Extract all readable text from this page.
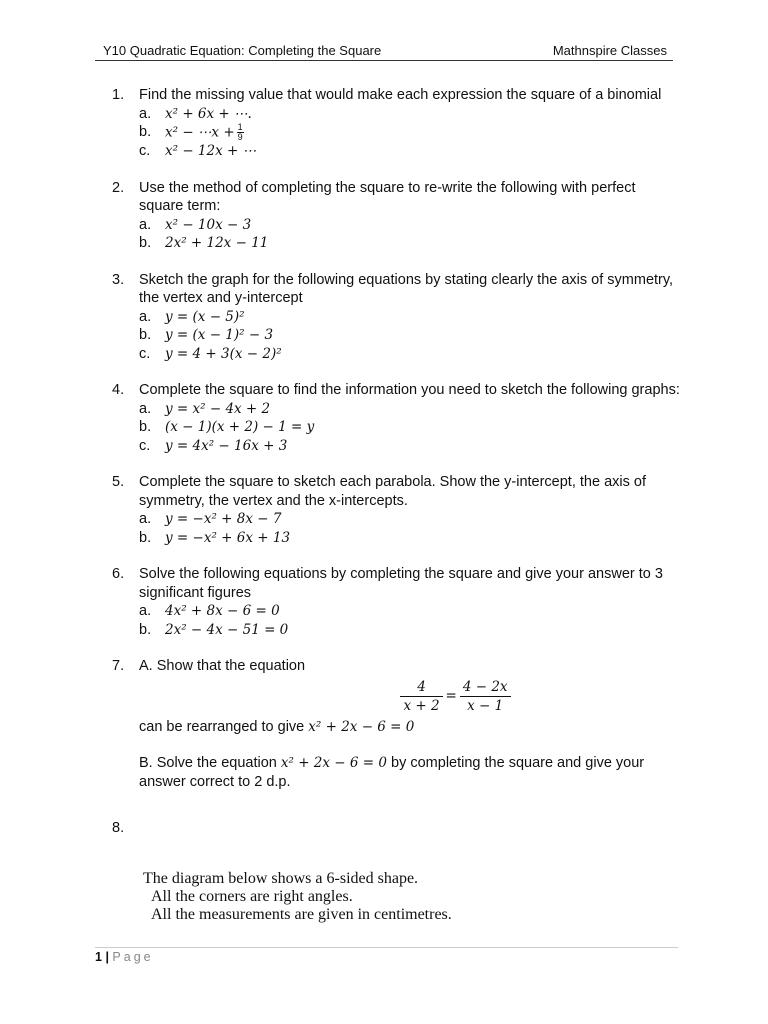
Y10 Quadratic Equation: Completing the Square	Mathnspire Classes
1. Find the missing value that would make each expression the square of a binomial
a. x² + 6x + ⋯.
b. x² − ⋯x + $\frac{1}{9}$
c. x² − 12x + ⋯
2. Use the method of completing the square to re-write the following with perfect square term:
a. x² − 10x − 3
b. 2x² + 12x − 11
3. Sketch the graph for the following equations by stating clearly the axis of symmetry, the vertex and y-intercept
a. y = (x − 5)²
b. y = (x − 1)² − 3
c. y = 4 + 3(x − 2)²
4. Complete the square to find the information you need to sketch the following graphs:
a. y = x² − 4x + 2
b. (x − 1)(x + 2) − 1 = y
c. y = 4x² − 16x + 3
5. Complete the square to sketch each parabola. Show the y-intercept, the axis of symmetry, the vertex and the x-intercepts.
a. y = −x² + 8x − 7
b. y = −x² + 6x + 13
6. Solve the following equations by completing the square and give your answer to 3 significant figures
a. 4x² + 8x − 6 = 0
b. 2x² − 4x − 51 = 0
7. A. Show that the equation
$\frac{4}{x + 2} = \frac{4 - 2x}{x - 1}$
can be rearranged to give x² + 2x − 6 = 0
B. Solve the equation x² + 2x − 6 = 0 by completing the square and give your answer correct to 2 d.p.
8.
The diagram below shows a 6-sided shape.
All the corners are right angles.
All the measurements are given in centimetres.
1 | Page
